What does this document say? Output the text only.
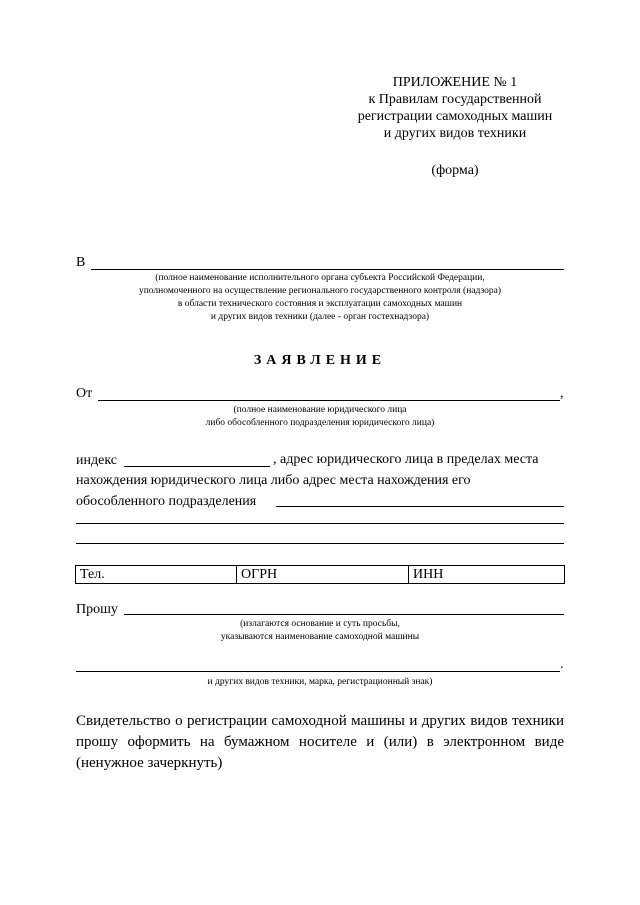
ПРИЛОЖЕНИЕ № 1
к Правилам государственной
регистрации самоходных машин
и других видов техники
(форма)
В
(полное наименование исполнительного органа субъекта Российской Федерации,
уполномоченного на осуществление регионального государственного контроля (надзора)
в области технического состояния и эксплуатации самоходных машин
и других видов техники (далее - орган гостехнадзора)
ЗАЯВЛЕНИЕ
От	,
(полное наименование юридического лица
либо обособленного подразделения юридического лица)
индекс	, адрес юридического лица в пределах места
нахождения юридического лица либо адрес места нахождения его
обособленного подразделения
Тел.	ОГРН	ИНН
Прошу
(излагаются основание и суть просьбы,
указываются наименование самоходной машины
.
и других видов техники, марка, регистрационный знак)
Свидетельство о регистрации самоходной машины и других видов техники
прошу оформить на бумажном носителе и (или) в электронном виде
(ненужное зачеркнуть)
